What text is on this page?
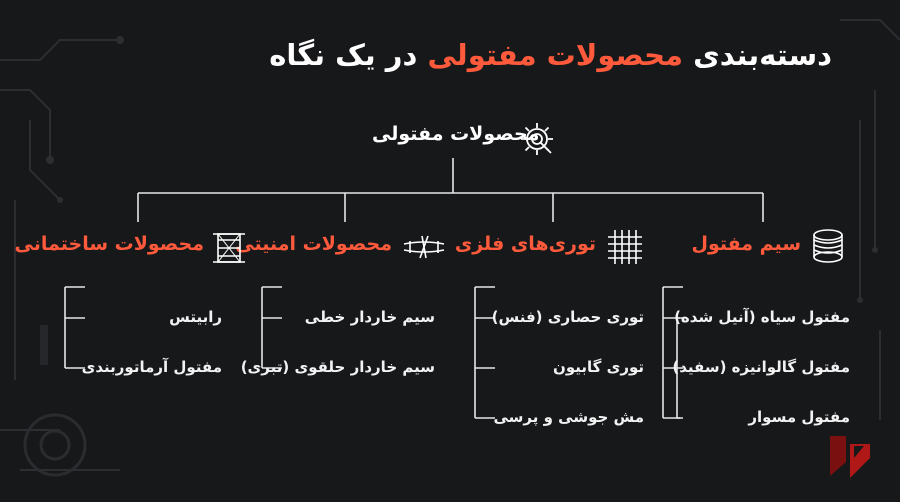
دسته‌بندی محصولات مفتولی در یک نگاه
محصولات مفتولی
سیم مفتول
توری‌های فلزی
محصولات امنیتی
محصولات ساختمانی
مفتول سیاه (آنیل شده)
مفتول گالوانیزه (سفید)
مفتول مسوار
توری حصاری (فنس)
توری گابیون
مش جوشی و پرسی
سیم خاردار خطی
سیم خاردار حلقوی (تبری)
رابیتس
مفتول آرماتوربندی
